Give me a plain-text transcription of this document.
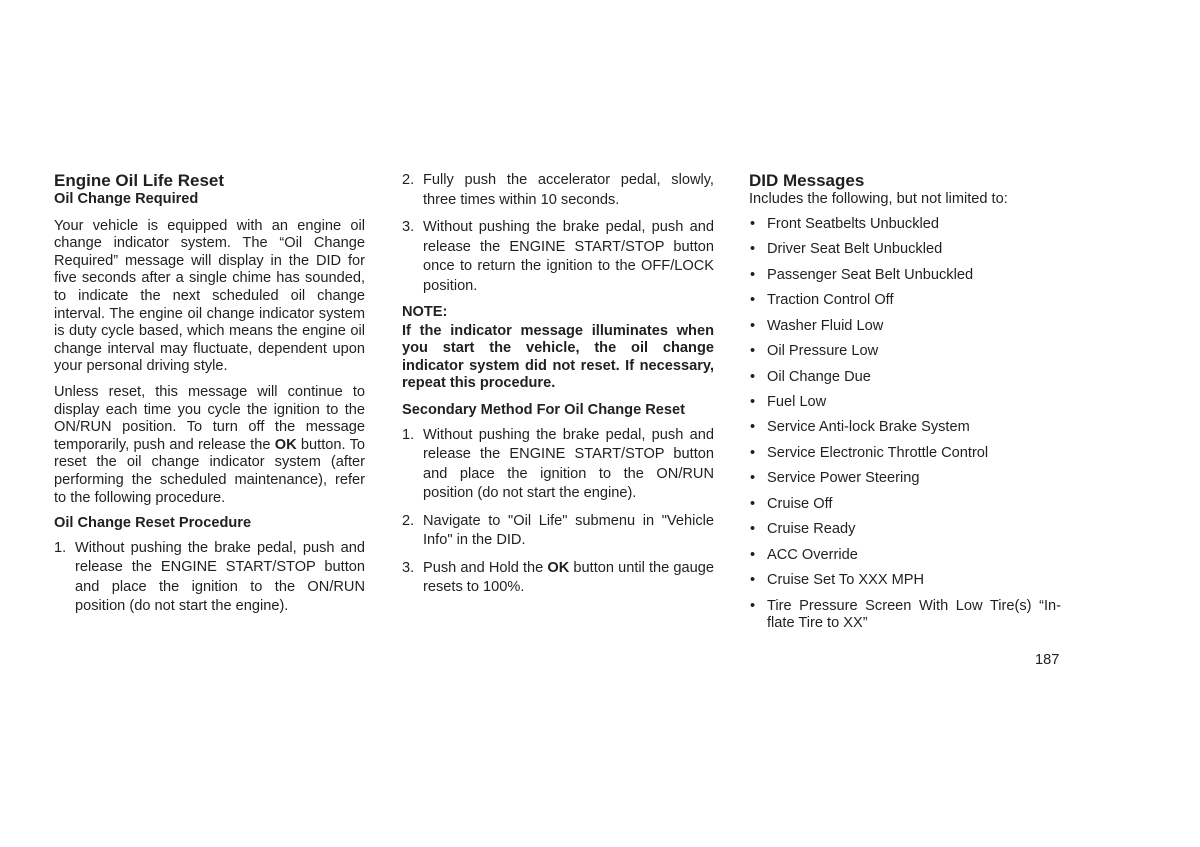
Engine Oil Life Reset
Oil Change Required

Your vehicle is equipped with an engine oil change indicator system. The “Oil Change Required” message will display in the DID for five seconds after a single chime has sounded, to indicate the next scheduled oil change interval. The engine oil change indicator system is duty cycle based, which means the engine oil change interval may fluctuate, dependent upon your personal driving style.

Unless reset, this message will continue to display each time you cycle the ignition to the ON/RUN position. To turn off the message temporarily, push and release the OK button. To reset the oil change indicator system (after performing the scheduled maintenance), refer to the following procedure.

Oil Change Reset Procedure
1. Without pushing the brake pedal, push and release the ENGINE START/STOP button and place the ignition to the ON/RUN position (do not start the engine).
2. Fully push the accelerator pedal, slowly, three times within 10 seconds.
3. Without pushing the brake pedal, push and release the ENGINE START/STOP button once to return the ignition to the OFF/LOCK position.
NOTE:
If the indicator message illuminates when you start the vehicle, the oil change indicator system did not reset. If necessary, repeat this procedure.
Secondary Method For Oil Change Reset
1. Without pushing the brake pedal, push and release the ENGINE START/STOP button and place the ignition to the ON/RUN position (do not start the engine).
2. Navigate to "Oil Life" submenu in "Vehicle Info" in the DID.
3. Push and Hold the OK button until the gauge resets to 100%.
DID Messages
Includes the following, but not limited to:
• Front Seatbelts Unbuckled
• Driver Seat Belt Unbuckled
• Passenger Seat Belt Unbuckled
• Traction Control Off
• Washer Fluid Low
• Oil Pressure Low
• Oil Change Due
• Fuel Low
• Service Anti-lock Brake System
• Service Electronic Throttle Control
• Service Power Steering
• Cruise Off
• Cruise Ready
• ACC Override
• Cruise Set To XXX MPH
• Tire Pressure Screen With Low Tire(s) “In- flate Tire to XX”
187
